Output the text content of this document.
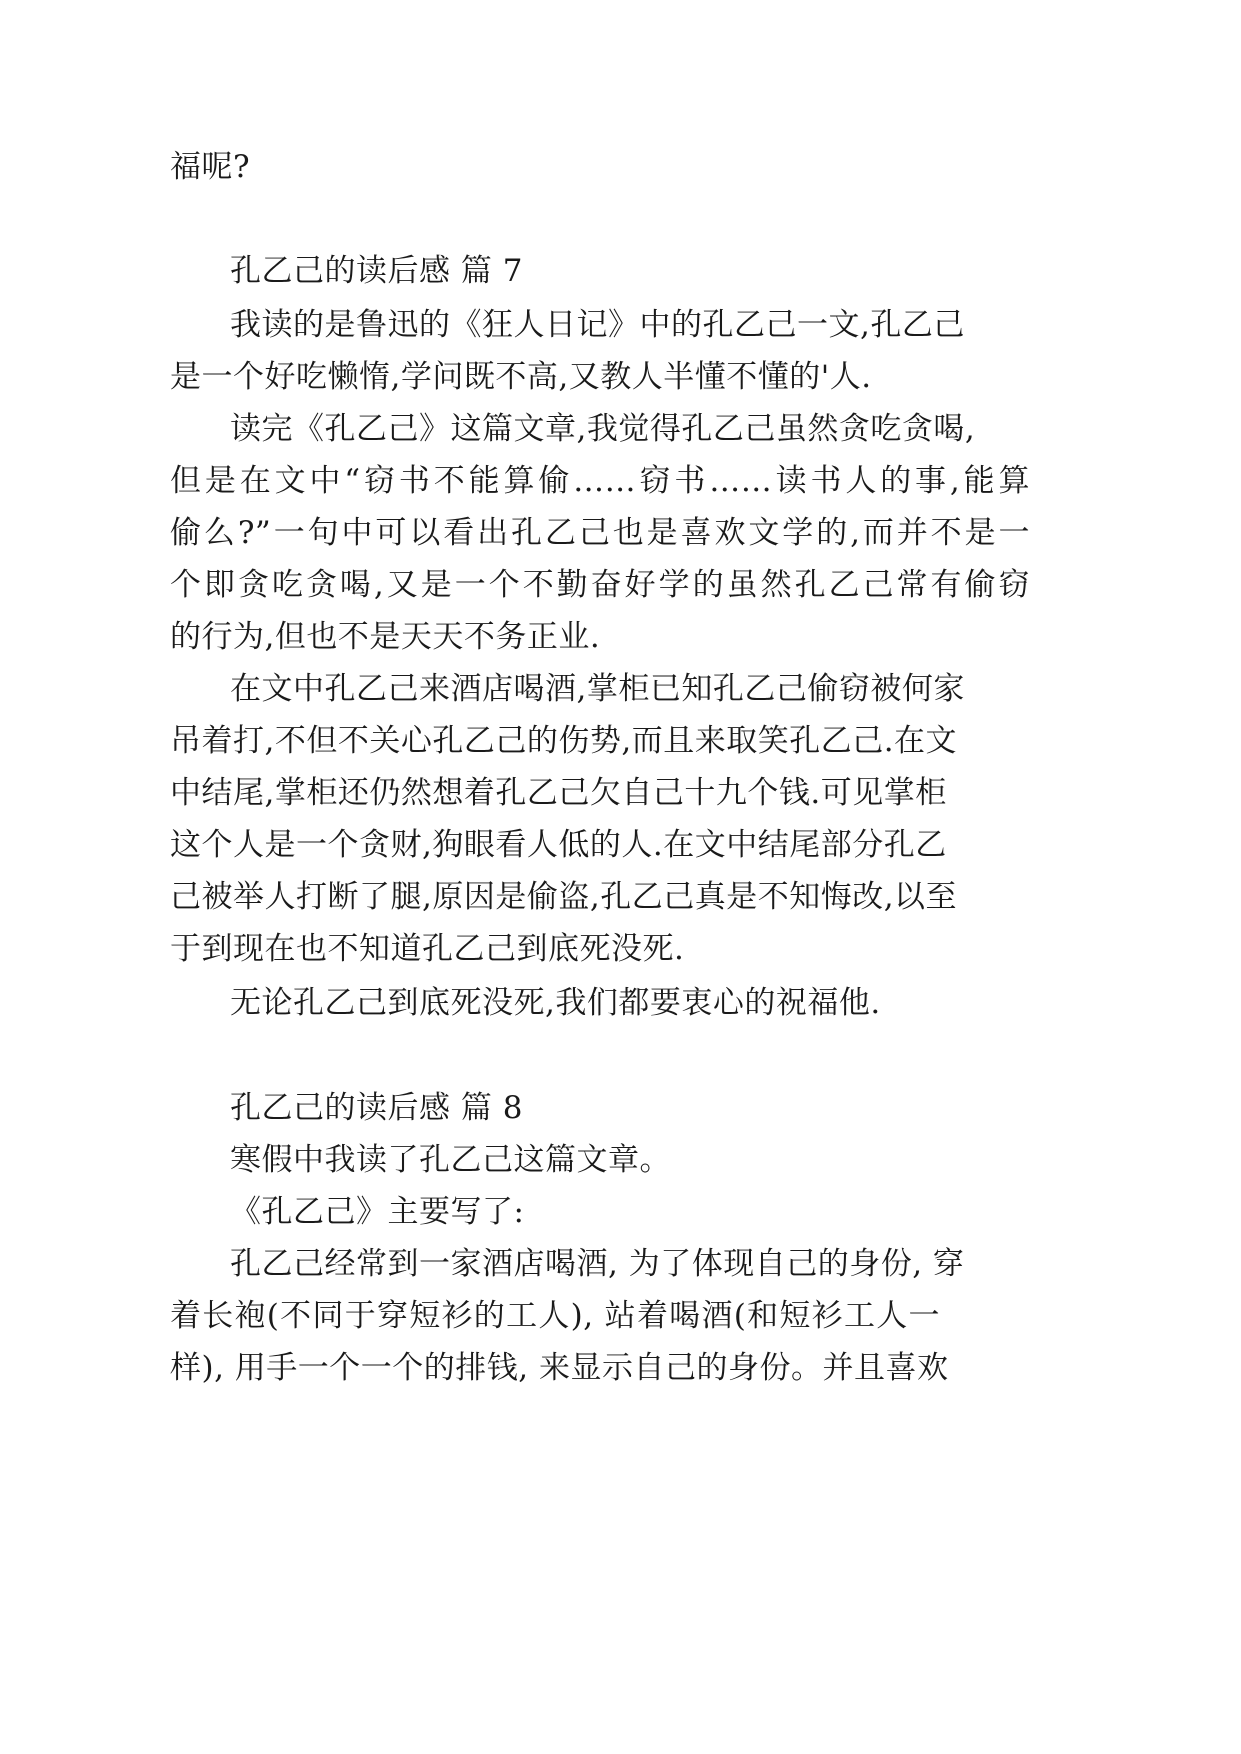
福呢?
孔乙己的读后感 篇 7
我读的是鲁迅的《狂人日记》中的孔乙己一文,孔乙己
是一个好吃懒惰,学问既不高,又教人半懂不懂的'人.
读完《孔乙己》这篇文章,我觉得孔乙己虽然贪吃贪喝,
但是在文中“窃书不能算偷……窃书……读书人的事,能算
偷么?”一句中可以看出孔乙己也是喜欢文学的,而并不是一
个即贪吃贪喝,又是一个不勤奋好学的虽然孔乙己常有偷窃
的行为,但也不是天天不务正业.
在文中孔乙己来酒店喝酒,掌柜已知孔乙己偷窃被何家
吊着打,不但不关心孔乙己的伤势,而且来取笑孔乙己.在文
中结尾,掌柜还仍然想着孔乙己欠自己十九个钱.可见掌柜
这个人是一个贪财,狗眼看人低的人.在文中结尾部分孔乙
己被举人打断了腿,原因是偷盗,孔乙己真是不知悔改,以至
于到现在也不知道孔乙己到底死没死.
无论孔乙己到底死没死,我们都要衷心的祝福他.
孔乙己的读后感 篇 8
寒假中我读了孔乙己这篇文章。
《孔乙己》主要写了:
孔乙己经常到一家酒店喝酒, 为了体现自己的身份, 穿
着长袍(不同于穿短衫的工人), 站着喝酒(和短衫工人一
样), 用手一个一个的排钱, 来显示自己的身份。并且喜欢
